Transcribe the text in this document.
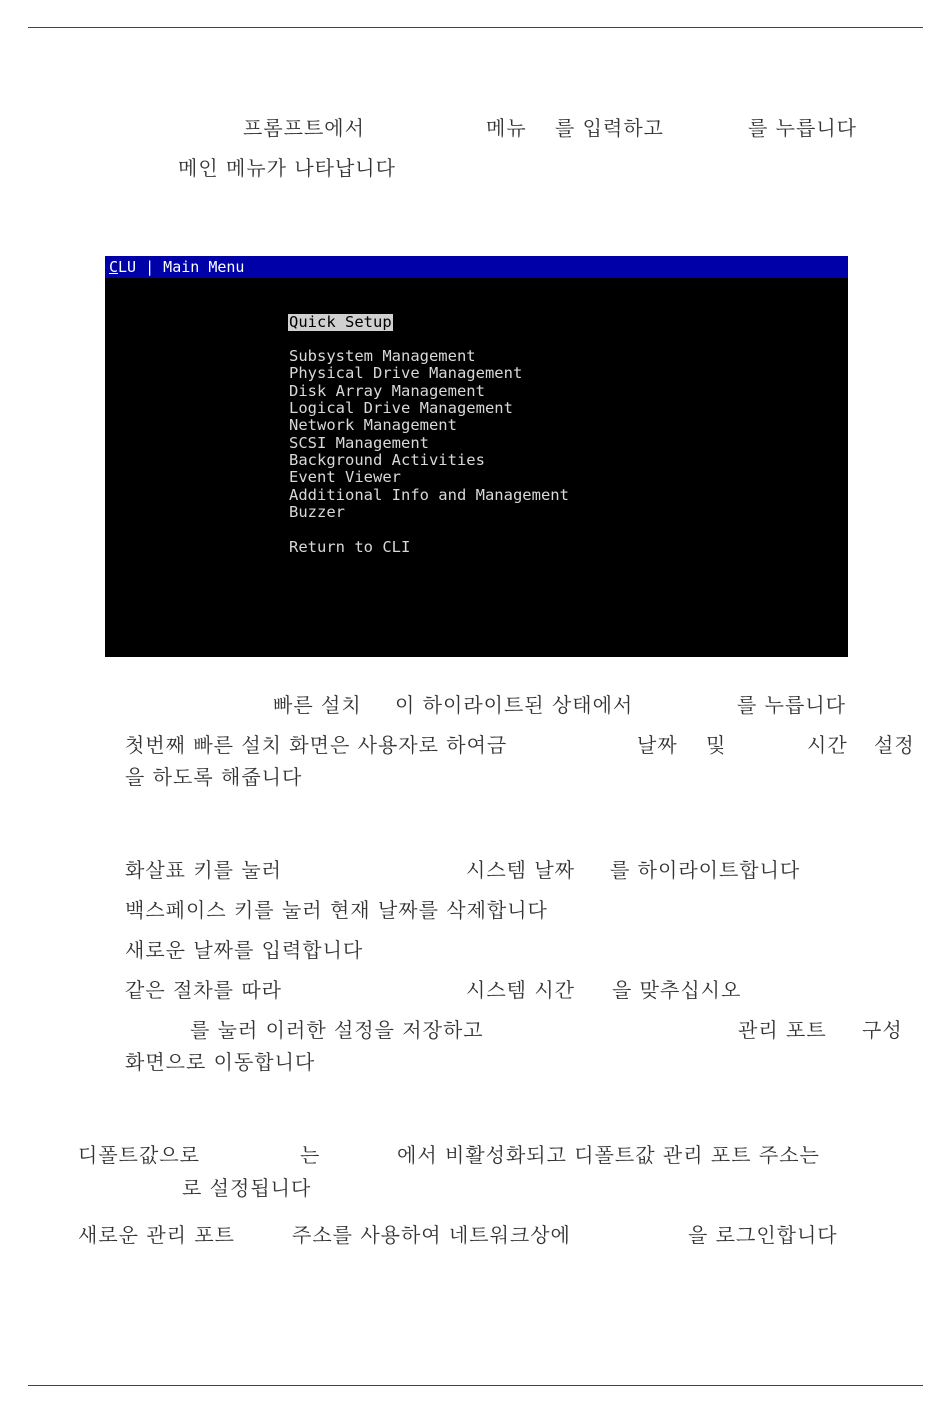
프롬프트에서	메뉴 를 입력하고	를 누릅니다
메인 메뉴가 나타납니다
CLU | Main Menu
Quick Setup
Subsystem Management
Physical Drive Management
Disk Array Management
Logical Drive Management
Network Management
SCSI Management
Background Activities
Event Viewer
Additional Info and Management
Buzzer
Return to CLI
빠른 설치 이 하이라이트된 상태에서	를 누릅니다
첫번째 빠른 설치 화면은 사용자로 하여금	날짜 및	시간 설정
을 하도록 해줍니다
화살표 키를 눌러	시스템 날짜 를 하이라이트합니다
백스페이스 키를 눌러 현재 날짜를 삭제합니다
새로운 날짜를 입력합니다
같은 절차를 따라	시스템 시간 을 맞추십시오
를 눌러 이러한 설정을 저장하고	관리 포트 구성
화면으로 이동합니다
디폴트값으로	는	에서 비활성화되고 디폴트값 관리 포트 주소는
로 설정됩니다
새로운 관리 포트	주소를 사용하여 네트워크상에	을 로그인합니다
